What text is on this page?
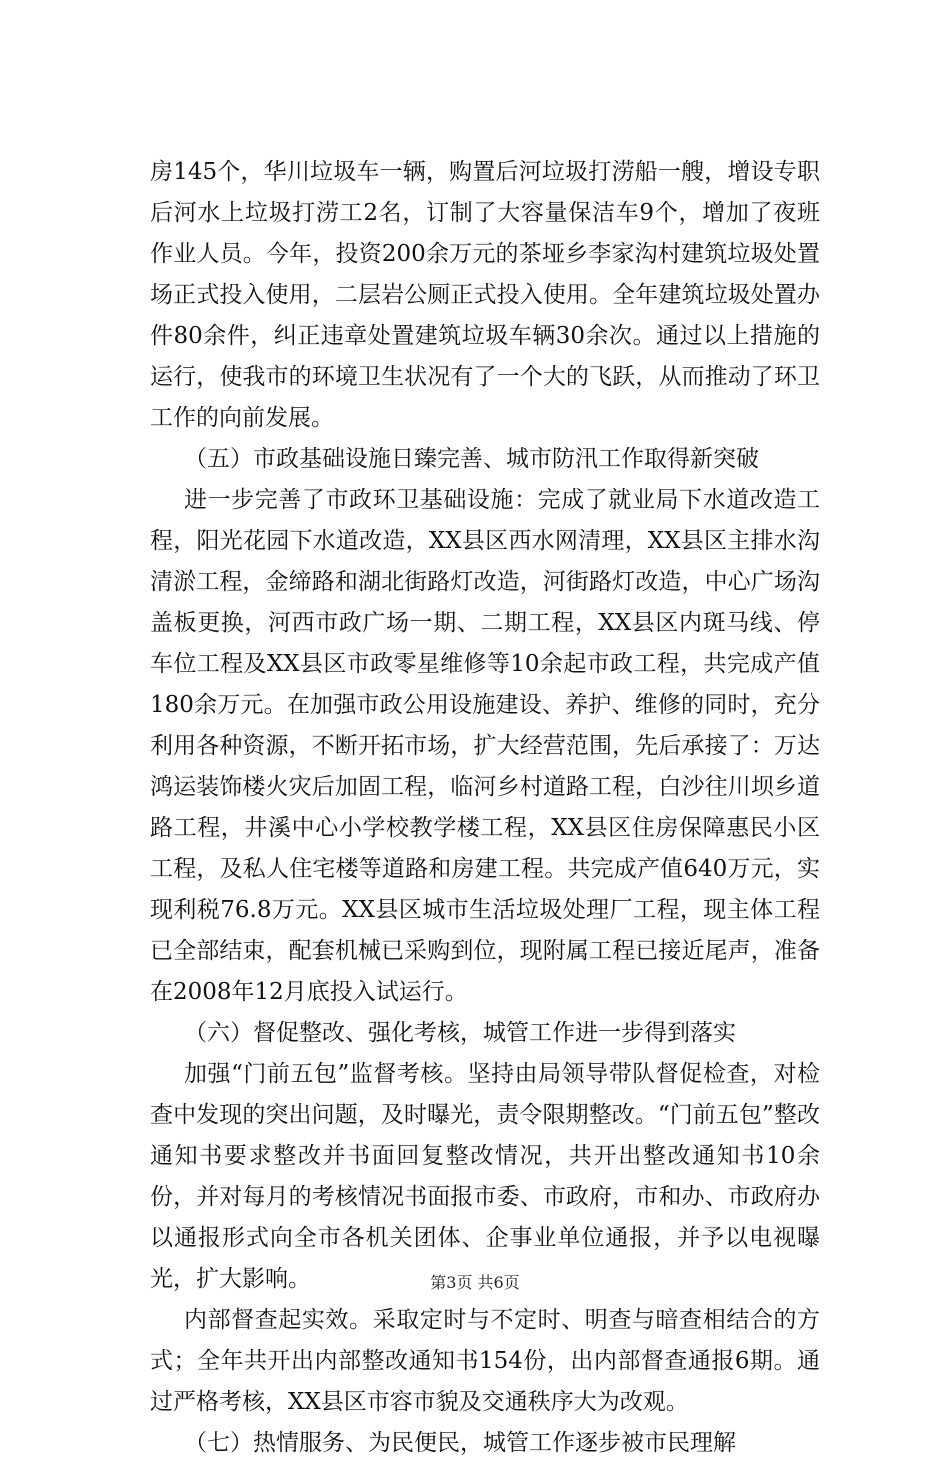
房145个，华川垃圾车一辆，购置后河垃圾打涝船一艘，增设专职后河水上垃圾打涝工2名，订制了大容量保洁车9个，增加了夜班作业人员。今年，投资200余万元的茶垭乡李家沟村建筑垃圾处置场正式投入使用，二层岩公厕正式投入使用。全年建筑垃圾处置办件80余件，纠正违章处置建筑垃圾车辆30余次。通过以上措施的运行，使我市的环境卫生状况有了一个大的飞跃，从而推动了环卫工作的向前发展。

（五）市政基础设施日臻完善、城市防汛工作取得新突破

进一步完善了市政环卫基础设施：完成了就业局下水道改造工程，阳光花园下水道改造，XX县区西水网清理，XX县区主排水沟清淤工程，金缔路和湖北街路灯改造，河街路灯改造，中心广场沟盖板更换，河西市政广场一期、二期工程，XX县区内斑马线、停车位工程及XX县区市政零星维修等10余起市政工程，共完成产值180余万元。在加强市政公用设施建设、养护、维修的同时，充分利用各种资源，不断开拓市场，扩大经营范围，先后承接了：万达鸿运装饰楼火灾后加固工程，临河乡村道路工程，白沙往川坝乡道路工程，井溪中心小学校教学楼工程，XX县区住房保障惠民小区工程，及私人住宅楼等道路和房建工程。共完成产值640万元，实现利税76.8万元。XX县区城市生活垃圾处理厂工程，现主体工程已全部结束，配套机械已采购到位，现附属工程已接近尾声，准备在2008年12月底投入试运行。

（六）督促整改、强化考核，城管工作进一步得到落实

加强“门前五包”监督考核。坚持由局领导带队督促检查，对检查中发现的突出问题，及时曝光，责令限期整改。“门前五包”整改通知书要求整改并书面回复整改情况，共开出整改通知书10余份，并对每月的考核情况书面报市委、市政府，市和办、市政府办以通报形式向全市各机关团体、企事业单位通报，并予以电视曝光，扩大影响。

内部督查起实效。采取定时与不定时、明查与暗查相结合的方式；全年共开出内部整改通知书154份，出内部督查通报6期。通过严格考核，XX县区市容市貌及交通秩序大为改观。

（七）热情服务、为民便民，城管工作逐步被市民理解

第3页 共6页
